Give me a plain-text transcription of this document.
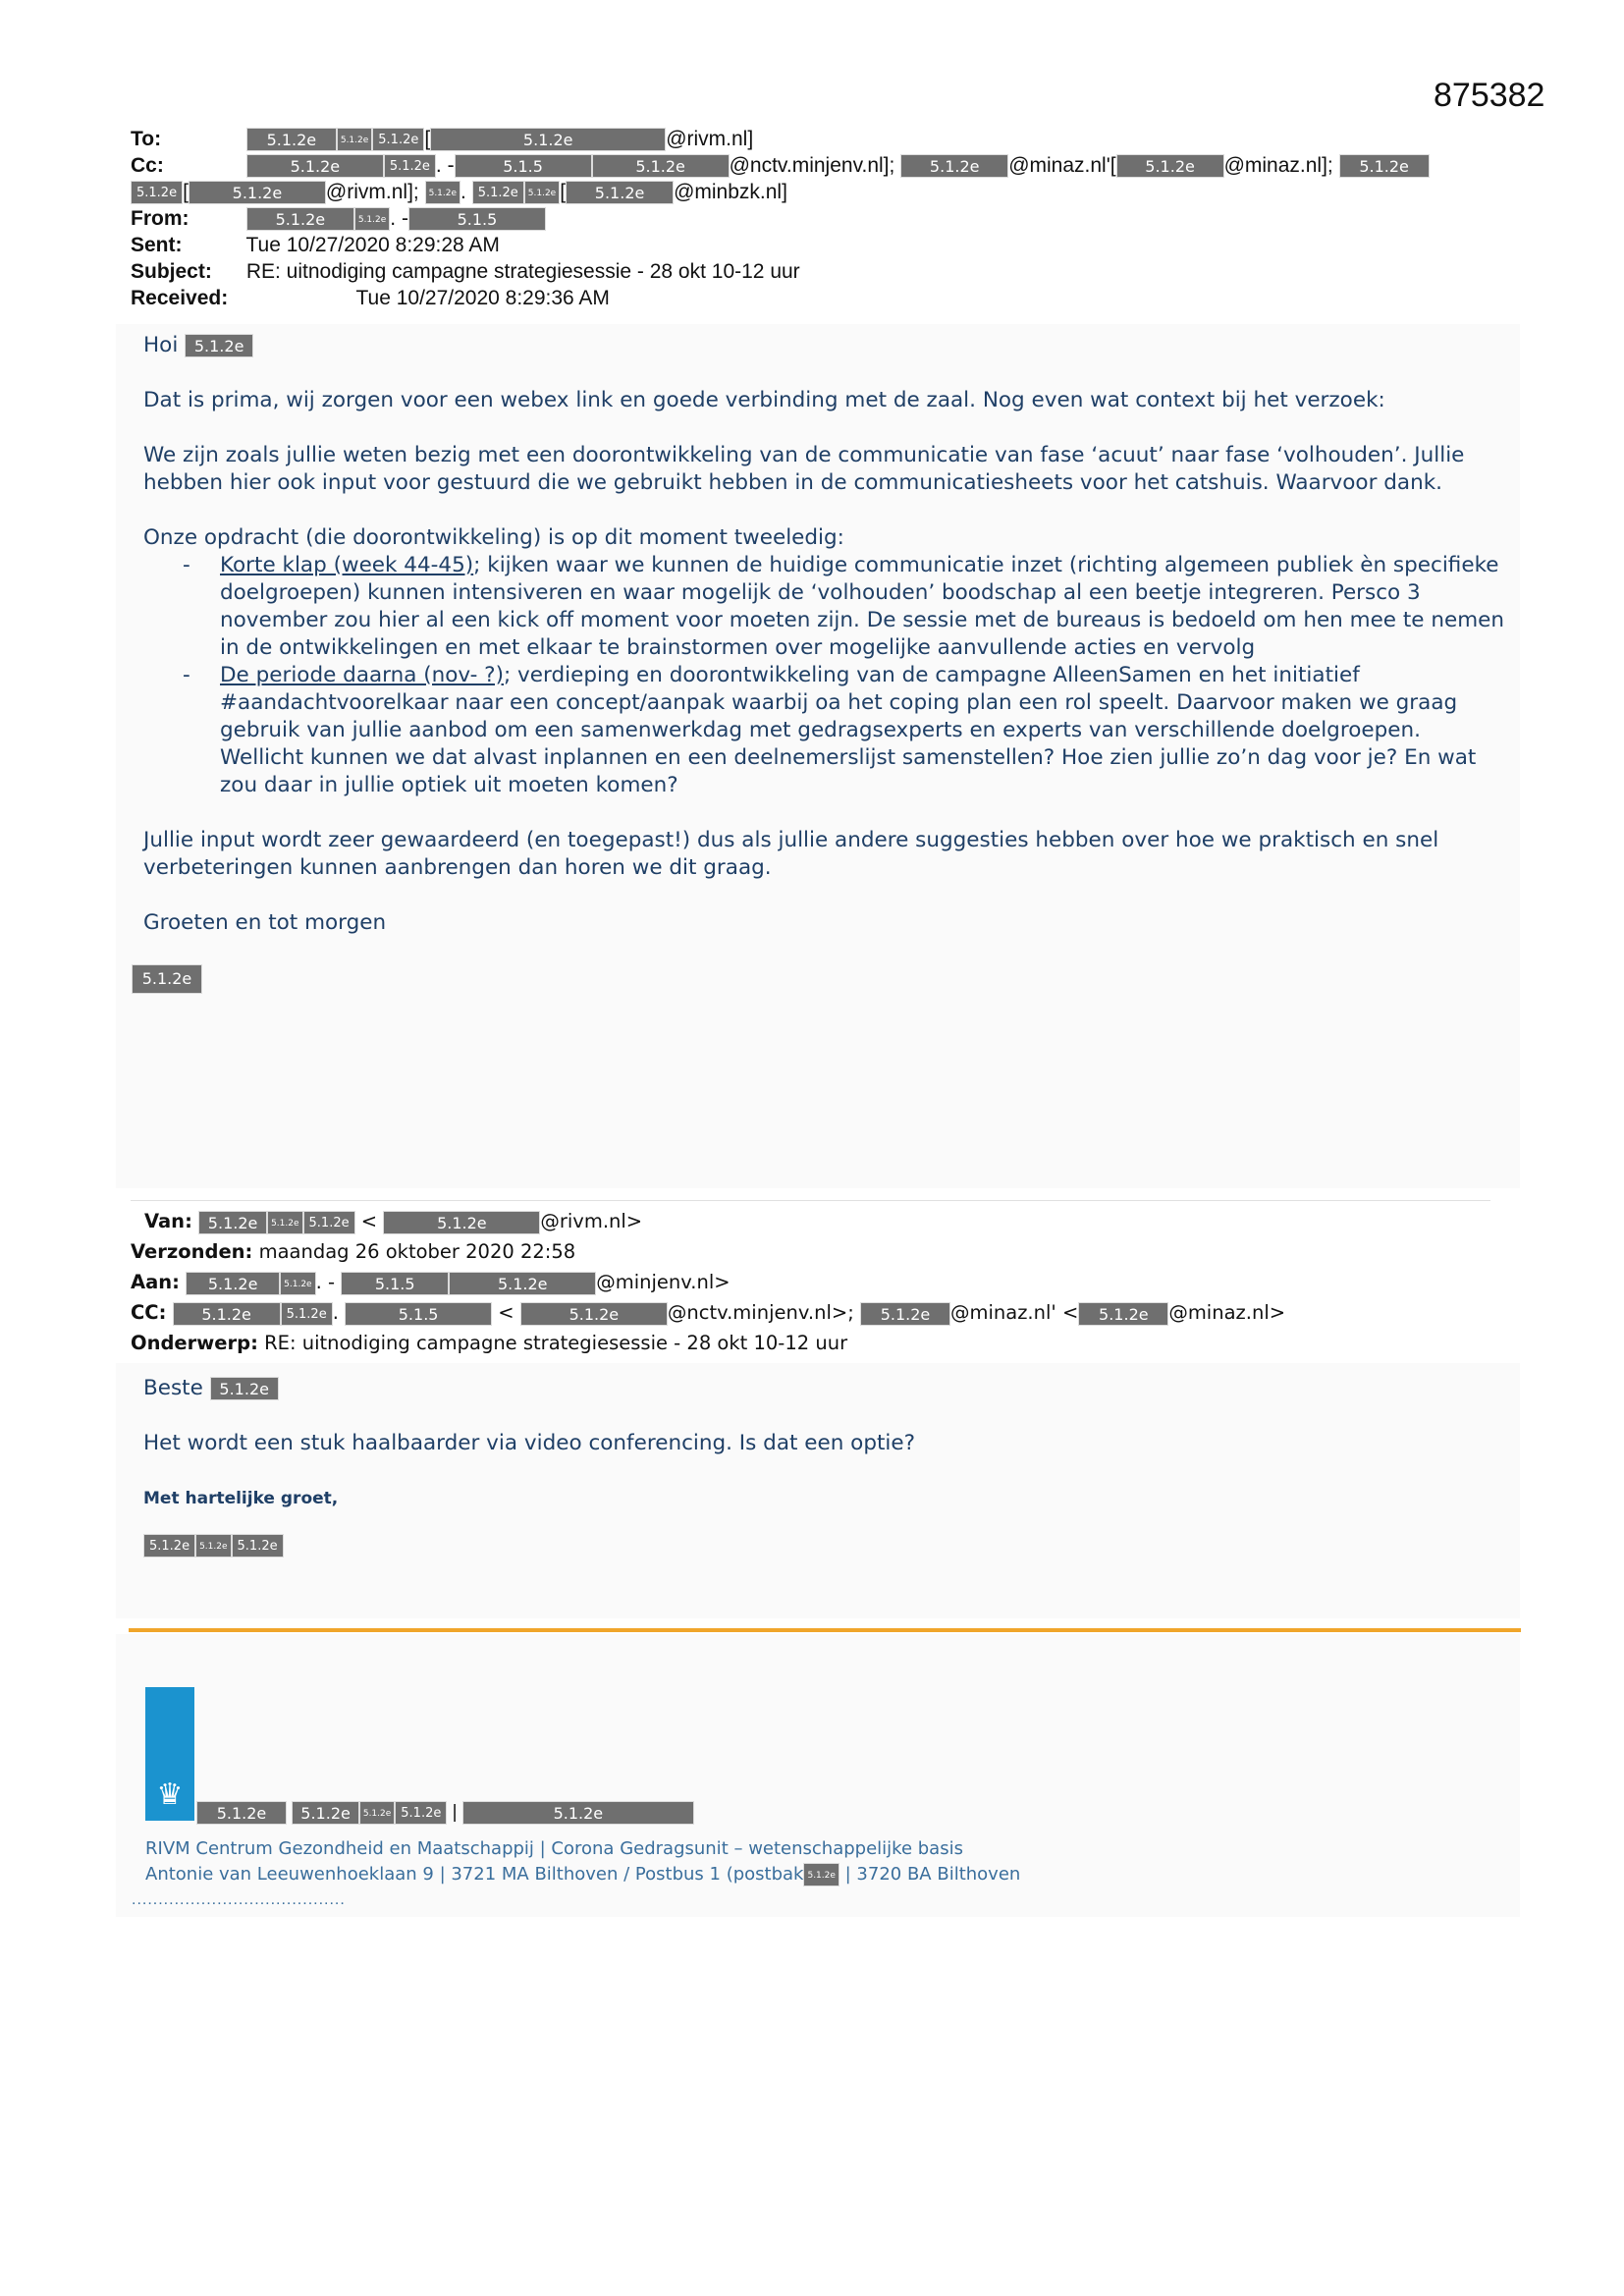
875382
To:	5.1.2e	5.1.2e 5.1.2e [	5.1.2e	@rivm.nl]
Cc:	5.1.2e	5.1.2e . -	5.1.5	5.1.2e @nctv.minjenv.nl]; 5.1.2e @minaz.nl'[ 5.1.2e @minaz.nl]; 5.1.2e
5.1.2e [	5.1.2e @rivm.nl]; 5.1.2e . 5.1.2e 5.1.2e [ 5.1.2e @minbzk.nl]
From:	5.1.2e	5.1.2e . -	5.1.5
Sent:	Tue 10/27/2020 8:29:28 AM
Subject: RE: uitnodiging campagne strategiesessie - 28 okt 10-12 uur
Received:	Tue 10/27/2020 8:29:36 AM

Hoi 5.1.2e

Dat is prima, wij zorgen voor een webex link en goede verbinding met de zaal. Nog even wat context bij het verzoek:

We zijn zoals jullie weten bezig met een doorontwikkeling van de communicatie van fase ‘acuut’ naar fase ‘volhouden’. Jullie hebben hier ook input voor gestuurd die we gebruikt hebben in de communicatiesheets voor het catshuis. Waarvoor dank.

Onze opdracht (die doorontwikkeling) is op dit moment tweeledig:
- Korte klap (week 44-45); kijken waar we kunnen de huidige communicatie inzet (richting algemeen publiek èn specifieke doelgroepen) kunnen intensiveren en waar mogelijk de ‘volhouden’ boodschap al een beetje integreren. Persco 3 november zou hier al een kick off moment voor moeten zijn. De sessie met de bureaus is bedoeld om hen mee te nemen in de ontwikkelingen en met elkaar te brainstormen over mogelijke aanvullende acties en vervolg
- De periode daarna (nov- ?); verdieping en doorontwikkeling van de campagne AlleenSamen en het initiatief #aandachtvoorelkaar naar een concept/aanpak waarbij oa het coping plan een rol speelt. Daarvoor maken we graag gebruik van jullie aanbod om een samenwerkdag met gedragsexperts en experts van verschillende doelgroepen. Wellicht kunnen we dat alvast inplannen en een deelnemerslijst samenstellen? Hoe zien jullie zo’n dag voor je? En wat zou daar in jullie optiek uit moeten komen?

Jullie input wordt zeer gewaardeerd (en toegepast!) dus als jullie andere suggesties hebben over hoe we praktisch en snel verbeteringen kunnen aanbrengen dan horen we dit graag.

Groeten en tot morgen

5.1.2e
Van: 5.1.2e 5.1.2e 5.1.2e <	5.1.2e	@rivm.nl>
Verzonden: maandag 26 oktober 2020 22:58
Aan: 5.1.2e	5.1.2e . - 5.1.5	5.1.2e	@minjenv.nl>
CC: 5.1.2e	5.1.2e .	5.1.5	<	5.1.2e	@nctv.minjenv.nl>; 5.1.2e @minaz.nl' < 5.1.2e @minaz.nl>
Onderwerp: RE: uitnodiging campagne strategiesessie - 28 okt 10-12 uur

Beste 5.1.2e

Het wordt een stuk haalbaarder via video conferencing. Is dat een optie?

Met hartelijke groet,

5.1.2e 5.1.2e 5.1.2e
♛
5.1.2e 5.1.2e 5.1.2e 5.1.2e |	5.1.2e
RIVM Centrum Gezondheid en Maatschappij | Corona Gedragsunit – wetenschappelijke basis
Antonie van Leeuwenhoeklaan 9 | 3721 MA Bilthoven / Postbus 1 (postbak 5.1.2e | 3720 BA Bilthoven
........................................
